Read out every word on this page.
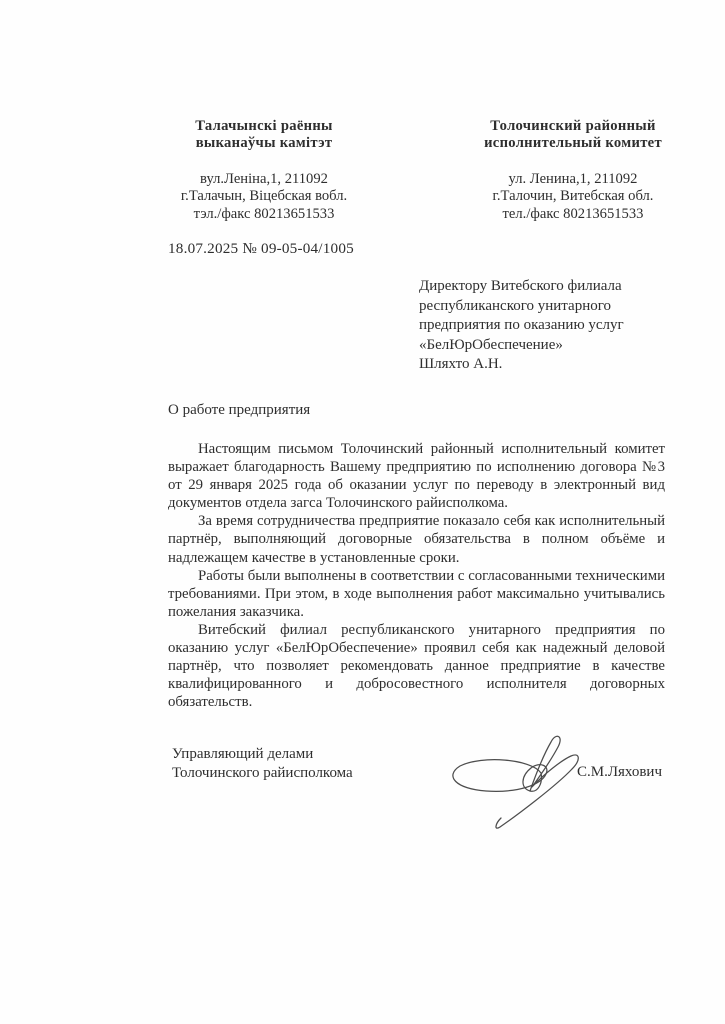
Талачынскі раённы
выканаўчы камітэт
вул.Леніна,1, 211092
г.Талачын, Віцебская вобл.
тэл./факс 80213651533
Толочинский районный
исполнительный комитет
ул. Ленина,1, 211092
г.Талочин, Витебская обл.
тел./факс 80213651533
18.07.2025 № 09-05-04/1005
Директору Витебского филиала
республиканского унитарного
предприятия по оказанию услуг
«БелЮрОбеспечение»
Шляхто А.Н.
О работе предприятия

Настоящим письмом Толочинский районный исполнительный комитет выражает благодарность Вашему предприятию по исполнению договора №3 от 29 января 2025 года об оказании услуг по переводу в электронный вид документов отдела загса Толочинского райисполкома.

За время сотрудничества предприятие показало себя как исполнительный партнёр, выполняющий договорные обязательства в полном объёме и надлежащем качестве в установленные сроки.

Работы были выполнены в соответствии с согласованными техническими требованиями. При этом, в ходе выполнения работ максимально учитывались пожелания заказчика.

Витебский филиал республиканского унитарного предприятия по оказанию услуг «БелЮрОбеспечение» проявил себя как надежный деловой партнёр, что позволяет рекомендовать данное предприятие в качестве квалифицированного и добросовестного исполнителя договорных обязательств.

Управляющий делами
Толочинского райисполкома	С.М.Ляхович
